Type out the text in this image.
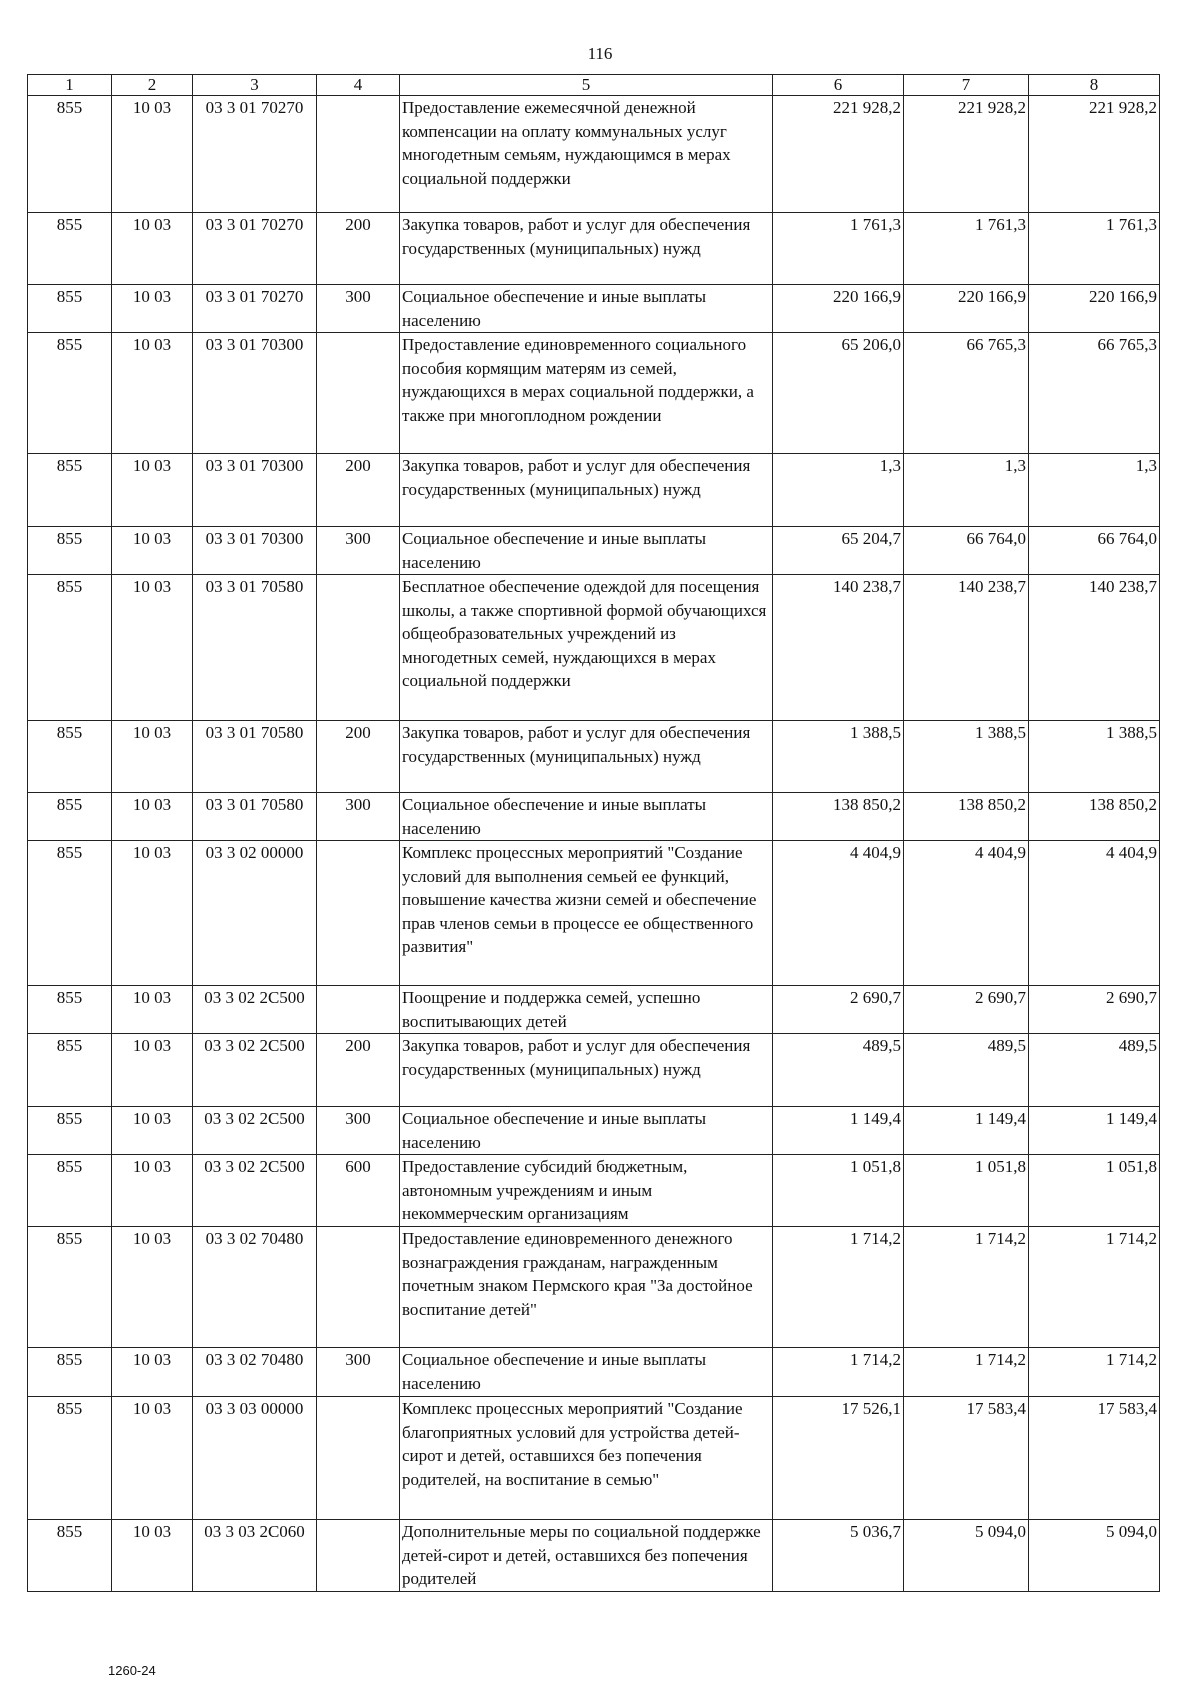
116
1	2	3	4	5	6	7	8
855	10 03	03 3 01 70270		Предоставление ежемесячной денежной компенсации на оплату коммунальных услуг многодетным семьям, нуждающимся в мерах социальной поддержки	221 928,2	221 928,2	221 928,2
855	10 03	03 3 01 70270	200	Закупка товаров, работ и услуг для обеспечения государственных (муниципальных) нужд	1 761,3	1 761,3	1 761,3
855	10 03	03 3 01 70270	300	Социальное обеспечение и иные выплаты населению	220 166,9	220 166,9	220 166,9
855	10 03	03 3 01 70300		Предоставление единовременного социального пособия кормящим матерям из семей, нуждающихся в мерах социальной поддержки, а также при многоплодном рождении	65 206,0	66 765,3	66 765,3
855	10 03	03 3 01 70300	200	Закупка товаров, работ и услуг для обеспечения государственных (муниципальных) нужд	1,3	1,3	1,3
855	10 03	03 3 01 70300	300	Социальное обеспечение и иные выплаты населению	65 204,7	66 764,0	66 764,0
855	10 03	03 3 01 70580		Бесплатное обеспечение одеждой для посещения школы, а также спортивной формой обучающихся общеобразовательных учреждений из многодетных семей, нуждающихся в мерах социальной поддержки	140 238,7	140 238,7	140 238,7
855	10 03	03 3 01 70580	200	Закупка товаров, работ и услуг для обеспечения государственных (муниципальных) нужд	1 388,5	1 388,5	1 388,5
855	10 03	03 3 01 70580	300	Социальное обеспечение и иные выплаты населению	138 850,2	138 850,2	138 850,2
855	10 03	03 3 02 00000		Комплекс процессных мероприятий "Создание условий для выполнения семьей ее функций, повышение качества жизни семей и обеспечение прав членов семьи в процессе ее общественного развития"	4 404,9	4 404,9	4 404,9
855	10 03	03 3 02 2С500		Поощрение и поддержка семей, успешно воспитывающих детей	2 690,7	2 690,7	2 690,7
855	10 03	03 3 02 2С500	200	Закупка товаров, работ и услуг для обеспечения государственных (муниципальных) нужд	489,5	489,5	489,5
855	10 03	03 3 02 2С500	300	Социальное обеспечение и иные выплаты населению	1 149,4	1 149,4	1 149,4
855	10 03	03 3 02 2С500	600	Предоставление субсидий бюджетным, автономным учреждениям и иным некоммерческим организациям	1 051,8	1 051,8	1 051,8
855	10 03	03 3 02 70480		Предоставление единовременного денежного вознаграждения гражданам, награжденным почетным знаком Пермского края "За достойное воспитание детей"	1 714,2	1 714,2	1 714,2
855	10 03	03 3 02 70480	300	Социальное обеспечение и иные выплаты населению	1 714,2	1 714,2	1 714,2
855	10 03	03 3 03 00000		Комплекс процессных мероприятий "Создание благоприятных условий для устройства детей-сирот и детей, оставшихся без попечения родителей, на воспитание в семью"	17 526,1	17 583,4	17 583,4
855	10 03	03 3 03 2С060		Дополнительные меры по социальной поддержке детей-сирот и детей, оставшихся без попечения родителей	5 036,7	5 094,0	5 094,0
1260-24
